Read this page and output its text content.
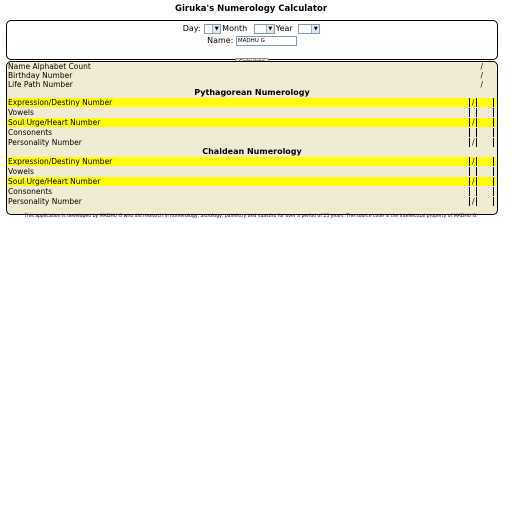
Giruka's Numerology Calculator
Day:	▼ Month	▼ Year	▼
Name: MADHU G
Name Alphabet Count	/
Birthday Number	/
Life Path Number	/
Pythagorean Numerology
Expression/Destiny Number	/
Vowels
Soul Urge/Heart Number	/
Consonents
Personality Number	/
Chaldean Numerology
Expression/Destiny Number	/
Vowels
Soul Urge/Heart Number	/
Consonents
Personality Number	/
This application is developed by MADHU G who did research in numerology, astrology, palmistry and vaasthu for over a period of 25 years. The source code is the intellectual property of MADHU G.
